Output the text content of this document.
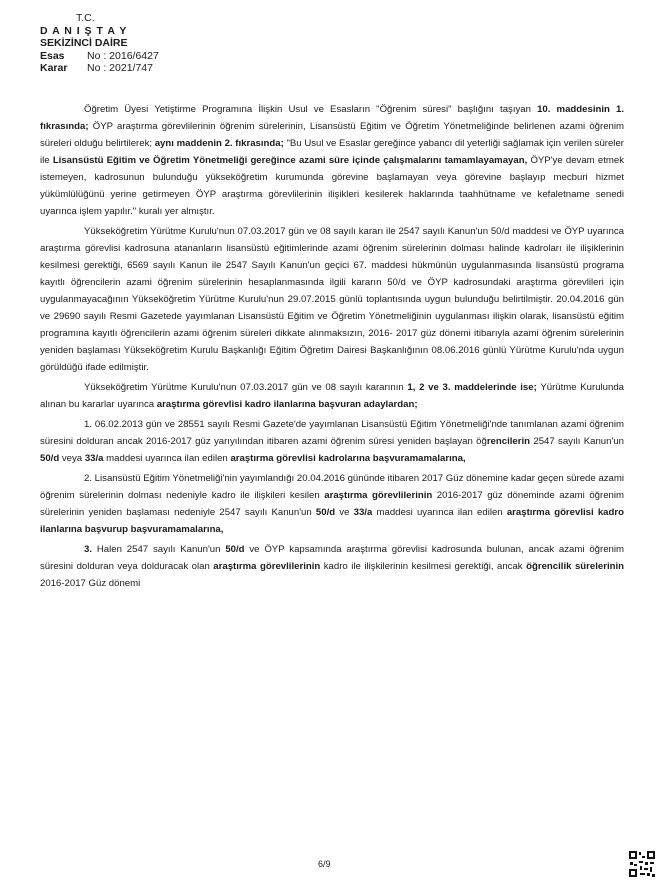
T.C.
D A N I Ş T A Y
SEKİZİNCİ DAİRE
Esas No : 2016/6427
Karar No : 2021/747

Öğretim Üyesi Yetiştirme Programına İlişkin Usul ve Esasların "Öğrenim süresi" başlığını taşıyan 10. maddesinin 1. fıkrasında; ÖYP araştırma görevlilerinin öğrenim sürelerinin, Lisansüstü Eğitim ve Öğretim Yönetmeliğinde belirlenen azami öğrenim süreleri olduğu belirtilerek; aynı maddenin 2. fıkrasında; "Bu Usul ve Esaslar gereğince yabancı dil yeterliği sağlamak için verilen süreler ile Lisansüstü Eğitim ve Öğretim Yönetmeliği gereğince azami süre içinde çalışmalarını tamamlayamayan, ÖYP'ye devam etmek istemeyen, kadrosunun bulunduğu yükseköğretim kurumunda görevine başlamayan veya görevine başlayıp mecburi hizmet yükümlülüğünü yerine getirmeyen ÖYP araştırma görevlilerinin ilişikleri kesilerek haklarında taahhütname ve kefaletname senedi uyarınca işlem yapılır." kuralı yer almıştır.

Yükseköğretim Yürütme Kurulu'nun 07.03.2017 gün ve 08 sayılı kararı ile 2547 sayılı Kanun'un 50/d maddesi ve ÖYP uyarınca araştırma görevlisi kadrosuna atananların lisansüstü eğitimlerinde azami öğrenim sürelerinin dolması halinde kadroları ile ilişiklerinin kesilmesi gerektiği, 6569 sayılı Kanun ile 2547 Sayılı Kanun'un geçici 67. maddesi hükmünün uygulanmasında lisansüstü programa kayıtlı öğrencilerin azami öğrenim sürelerinin hesaplanmasında ilgili kararın 50/d ve ÖYP kadrosundaki araştırma görevlileri için uygulanmayacağının Yükseköğretim Yürütme Kurulu'nun 29.07.2015 günlü toplantısında uygun bulunduğu belirtilmiştir. 20.04.2016 gün ve 29690 sayılı Resmi Gazetede yayımlanan Lisansüstü Eğitim ve Öğretim Yönetmeliğinin uygulanması ilişkin olarak, lisansüstü eğitim programına kayıtlı öğrencilerin azami öğrenim süreleri dikkate alınmaksızın, 2016- 2017 güz dönemi itibarıyla azami öğrenim sürelerinin yeniden başlaması Yükseköğretim Kurulu Başkanlığı Eğitim Öğretim Dairesi Başkanlığının 08.06.2016 günlü Yürütme Kurulu'nda uygun görüldüğü ifade edilmiştir.

Yükseköğretim Yürütme Kurulu'nun 07.03.2017 gün ve 08 sayılı kararının 1, 2 ve 3. maddelerinde ise; Yürütme Kurulunda alınan bu kararlar uyarınca araştırma görevlisi kadro ilanlarına başvuran adaylardan;

1. 06.02.2013 gün ve 28551 sayılı Resmi Gazete'de yayımlanan Lisansüstü Eğitim Yönetmeliği'nde tanımlanan azami öğrenim süresini dolduran ancak 2016-2017 güz yarıyılından itibaren azami öğrenim süresi yeniden başlayan öğrencilerin 2547 sayılı Kanun'un 50/d veya 33/a maddesi uyarınca ilan edilen araştırma görevlisi kadrolarına başvuramamalarına,

2. Lisansüstü Eğitim Yönetmeliği'nin yayımlandığı 20.04.2016 gününde itibaren 2017 Güz dönemine kadar geçen sürede azami öğrenim sürelerinin dolması nedeniyle kadro ile ilişkileri kesilen araştırma görevlilerinin 2016-2017 güz döneminde azami öğrenim sürelerinin yeniden başlaması nedeniyle 2547 sayılı Kanun'un 50/d ve 33/a maddesi uyarınca ilan edilen araştırma görevlisi kadro ilanlarına başvurup başvuramamalarına,

3. Halen 2547 sayılı Kanun'un 50/d ve ÖYP kapsamında araştırma görevlisi kadrosunda bulunan, ancak azami öğrenim süresini dolduran veya dolduracak olan araştırma görevlilerinin kadro ile ilişkilerinin kesilmesi gerektiği, ancak öğrencilik sürelerinin 2016-2017 Güz dönemi

6/9
